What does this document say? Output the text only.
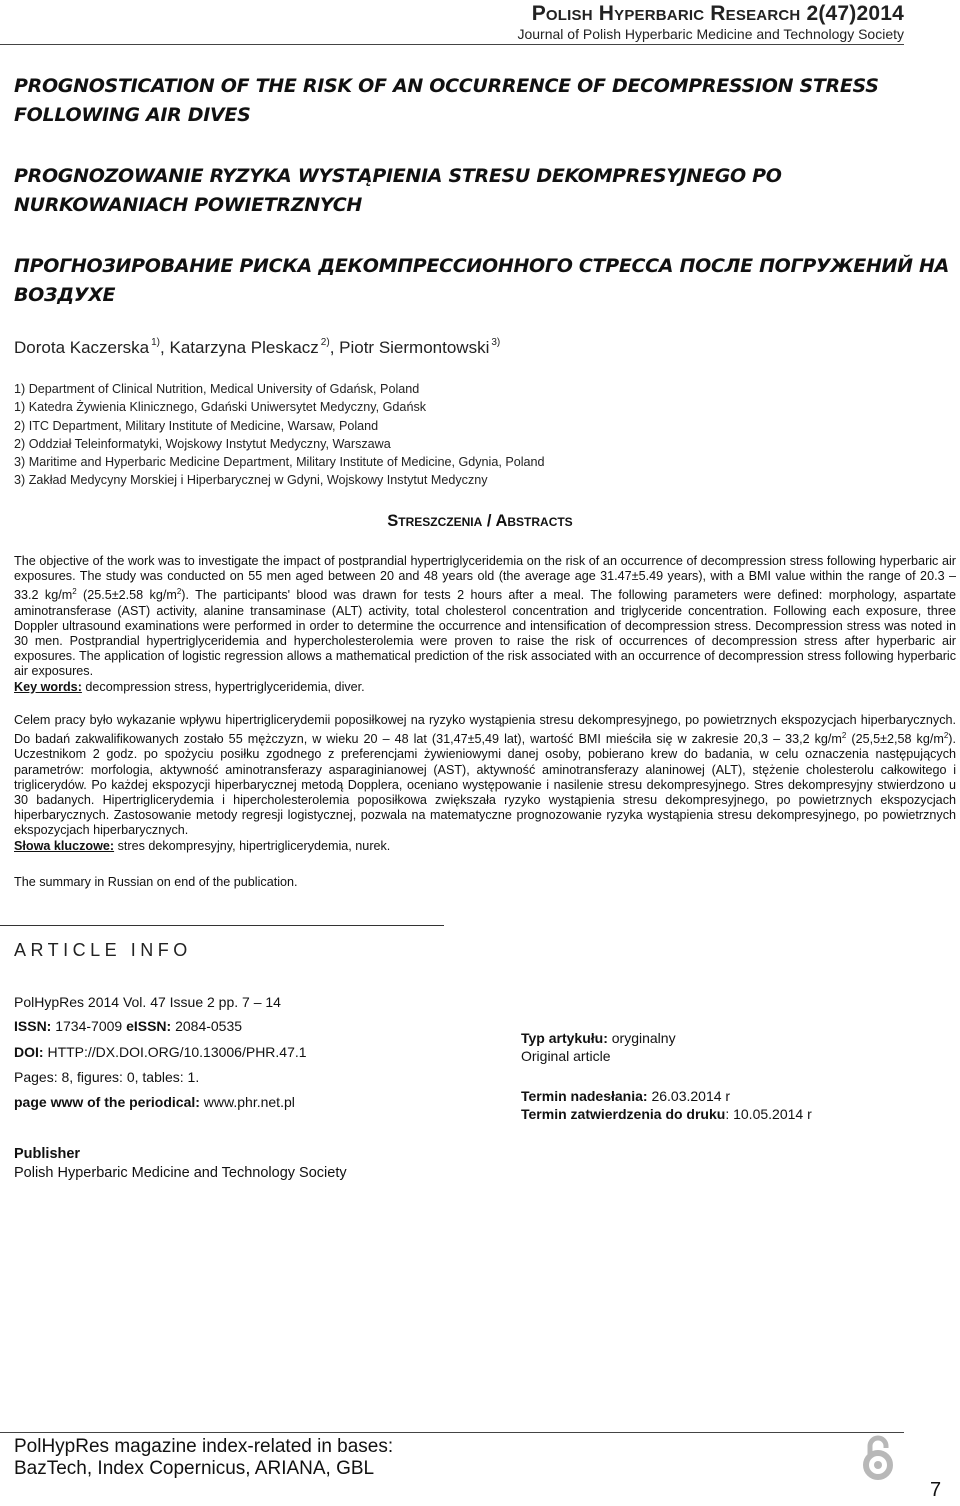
Polish Hyperbaric Research 2(47)2014
Journal of Polish Hyperbaric Medicine and Technology Society
PROGNOSTICATION OF THE RISK OF AN OCCURRENCE OF DECOMPRESSION STRESS FOLLOWING AIR DIVES
PROGNOZOWANIE RYZYKA WYSTĄPIENIA STRESU DEKOMPRESYJNEGO PO NURKOWANIACH POWIETRZNYCH
ПРОГНОЗИРОВАНИЕ РИСКА ДЕКОМПРЕССИОННОГО СТРЕССА ПОСЛЕ ПОГРУЖЕНИЙ НА ВОЗДУХЕ
Dorota Kaczerska $^{1)}$, Katarzyna Pleskacz $^{2)}$, Piotr Siermontowski $^{3)}$
1) Department of Clinical Nutrition, Medical University of Gdańsk, Poland
1) Katedra Żywienia Klinicznego, Gdański Uniwersytet Medyczny, Gdańsk
2) ITC Department, Military Institute of Medicine, Warsaw, Poland
2) Oddział Teleinformatyki, Wojskowy Instytut Medyczny, Warszawa
3) Maritime and Hyperbaric Medicine Department, Military Institute of Medicine, Gdynia, Poland
3) Zakład Medycyny Morskiej i Hiperbarycznej w Gdyni, Wojskowy Instytut Medyczny
Streszczenia / Abstracts
The objective of the work was to investigate the impact of postprandial hypertriglyceridemia on the risk of an occurrence of decompression stress following hyperbaric air exposures. The study was conducted on 55 men aged between 20 and 48 years old (the average age 31.47±5.49 years), with a BMI value within the range of 20.3 – 33.2 $kg/m^2$ (25.5±2.58 $kg/m^2$). The participants' blood was drawn for tests 2 hours after a meal. The following parameters were defined: morphology, aspartate aminotransferase (AST) activity, alanine transaminase (ALT) activity, total cholesterol concentration and triglyceride concentration. Following each exposure, three Doppler ultrasound examinations were performed in order to determine the occurrence and intensification of decompression stress. Decompression stress was noted in 30 men. Postprandial hypertriglyceridemia and hypercholesterolemia were proven to raise the risk of occurrences of decompression stress after hyperbaric air exposures. The application of logistic regression allows a mathematical prediction of the risk associated with an occurrence of decompression stress following hyperbaric air exposures.
Key words: decompression stress, hypertriglyceridemia, diver.
Celem pracy było wykazanie wpływu hipertriglicerydemii poposiłkowej na ryzyko wystąpienia stresu dekompresyjnego, po powietrznych ekspozycjach hiperbarycznych. Do badań zakwalifikowanych zostało 55 mężczyzn, w wieku 20 – 48 lat (31,47±5,49 lat), wartość BMI mieściła się w zakresie 20,3 – 33,2 $kg/m^2$ (25,5±2,58 $kg/m^2$). Uczestnikom 2 godz. po spożyciu posiłku zgodnego z preferencjami żywieniowymi danej osoby, pobierano krew do badania, w celu oznaczenia następujących parametrów: morfologia, aktywność aminotransferazy asparaginianowej (AST), aktywność aminotransferazy alaninowej (ALT), stężenie cholesterolu całkowitego i triglicerydów. Po każdej ekspozycji hiperbarycznej metodą Dopplera, oceniano występowanie i nasilenie stresu dekompresyjnego. Stres dekompresyjny stwierdzono u 30 badanych. Hipertriglicerydemia i hipercholesterolemia poposiłkowa zwiększała ryzyko wystąpienia stresu dekompresyjnego, po powietrznych ekspozycjach hiperbarycznych. Zastosowanie metody regresji logistycznej, pozwala na matematyczne prognozowanie ryzyka wystąpienia stresu dekompresyjnego, po powietrznych ekspozycjach hiperbarycznych.
Słowa kluczowe: stres dekompresyjny, hipertriglicerydemia, nurek.
The summary in Russian on end of the publication.
ARTICLE INFO
PolHypRes 2014 Vol. 47 Issue 2 pp. 7 – 14
ISSN: 1734-7009 eISSN: 2084-0535
DOI: HTTP://DX.DOI.ORG/10.13006/PHR.47.1
Pages: 8, figures: 0, tables: 1.
page www of the periodical: www.phr.net.pl
Typ artykułu: oryginalny
Original article
Termin nadesłania: 26.03.2014 r
Termin zatwierdzenia do druku: 10.05.2014 r
Publisher
Polish Hyperbaric Medicine and Technology Society
PolHypRes magazine index-related in bases:
BazTech, Index Copernicus, ARIANA, GBL
7
